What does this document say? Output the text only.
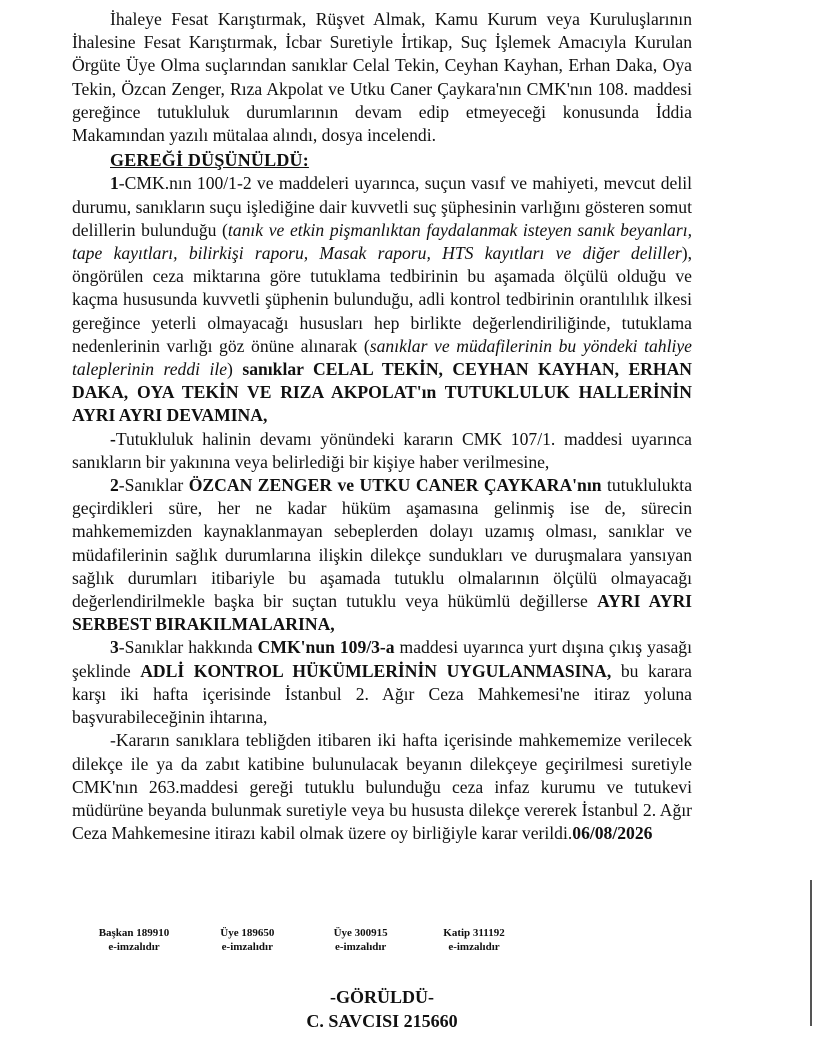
İhaleye Fesat Karıştırmak, Rüşvet Almak, Kamu Kurum veya Kuruluşlarının İhalesine Fesat Karıştırmak, İcbar Suretiyle İrtikap, Suç İşlemek Amacıyla Kurulan Örgüte Üye Olma suçlarından sanıklar Celal Tekin, Ceyhan Kayhan, Erhan Daka, Oya Tekin, Özcan Zenger, Rıza Akpolat ve Utku Caner Çaykara'nın CMK'nın 108. maddesi gereğince tutukluluk durumlarının devam edip etmeyeceği konusunda İddia Makamından yazılı mütalaa alındı, dosya incelendi.

GEREĞİ DÜŞÜNÜLDÜ:

1-CMK.nın 100/1-2 ve maddeleri uyarınca, suçun vasıf ve mahiyeti, mevcut delil durumu, sanıkların suçu işlediğine dair kuvvetli suç şüphesinin varlığını gösteren somut delillerin bulunduğu (tanık ve etkin pişmanlıktan faydalanmak isteyen sanık beyanları, tape kayıtları, bilirkişi raporu, Masak raporu, HTS kayıtları ve diğer deliller), öngörülen ceza miktarına göre tutuklama tedbirinin bu aşamada ölçülü olduğu ve kaçma hususunda kuvvetli şüphenin bulunduğu, adli kontrol tedbirinin orantılılık ilkesi gereğince yeterli olmayacağı hususları hep birlikte değerlendiriliğinde, tutuklama nedenlerinin varlığı göz önüne alınarak (sanıklar ve müdafilerinin bu yöndeki tahliye taleplerinin reddi ile) sanıklar CELAL TEKİN, CEYHAN KAYHAN, ERHAN DAKA, OYA TEKİN VE RIZA AKPOLAT'ın TUTUKLULUK HALLERİNİN AYRI AYRI DEVAMINA,

-Tutukluluk halinin devamı yönündeki kararın CMK 107/1. maddesi uyarınca sanıkların bir yakınına veya belirlediği bir kişiye haber verilmesine,

2-Sanıklar ÖZCAN ZENGER ve UTKU CANER ÇAYKARA'nın tutuklulukta geçirdikleri süre, her ne kadar hüküm aşamasına gelinmiş ise de, sürecin mahkememizden kaynaklanmayan sebeplerden dolayı uzamış olması, sanıklar ve müdafilerinin sağlık durumlarına ilişkin dilekçe sundukları ve duruşmalara yansıyan sağlık durumları itibariyle bu aşamada tutuklu olmalarının ölçülü olmayacağı değerlendirilmekle başka bir suçtan tutuklu veya hükümlü değillerse AYRI AYRI SERBEST BIRAKILMALARINA,

3-Sanıklar hakkında CMK'nun 109/3-a maddesi uyarınca yurt dışına çıkış yasağı şeklinde ADLİ KONTROL HÜKÜMLERİNİN UYGULANMASINA, bu karara karşı iki hafta içerisinde İstanbul 2. Ağır Ceza Mahkemesi'ne itiraz yoluna başvurabileceğinin ihtarına,

-Kararın sanıklara tebliğden itibaren iki hafta içerisinde mahkememize verilecek dilekçe ile ya da zabıt katibine bulunulacak beyanın dilekçeye geçirilmesi suretiyle CMK'nın 263.maddesi gereği tutuklu bulunduğu ceza infaz kurumu ve tutukevi müdürüne beyanda bulunmak suretiyle veya bu hususta dilekçe vererek İstanbul 2. Ağır Ceza Mahkemesine itirazı kabil olmak üzere oy birliğiyle karar verildi.06/08/2026

Başkan 189910
e-imzalıdır
Üye 189650
e-imzalıdır
Üye 300915
e-imzalıdır
Katip 311192
e-imzalıdır
-GÖRÜLDÜ-
C. SAVCISI 215660
